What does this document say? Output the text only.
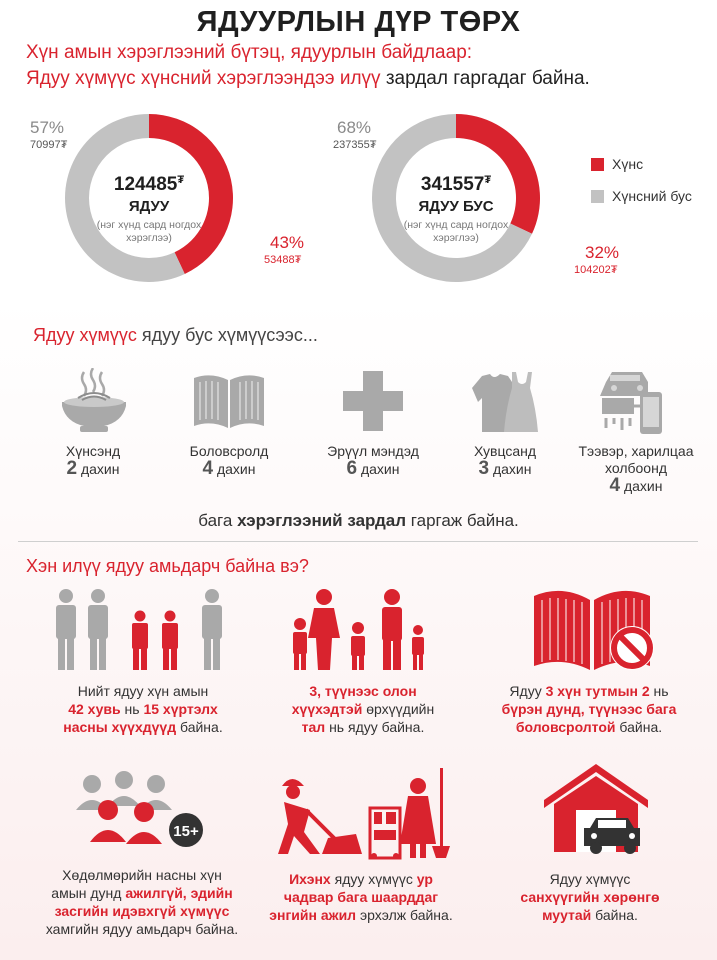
ЯДУУРЛЫН ДҮР ТӨРХ
Хүн амын хэрэглээний бүтэц, ядуурлын байдлаар:
Ядуу хүмүүс хүнсний хэрэглээндээ илүү зардал гаргадаг байна.
124485₮
ЯДУУ
(нэг хүнд сард ногдох
хэрэглээ)
57%
70997₮
43%
53488₮
341557₮
ЯДУУ БУС
(нэг хүнд сард ногдох
хэрэглээ)
68%
237355₮
32%
104202₮
Хүнс
Хүнсний бус
Ядуу хүмүүс ядуу бус хүмүүсээс...
Хүнсэнд
2 дахин
Боловсролд
4 дахин
Эрүүл мэндэд
6 дахин
Хувцсанд
3 дахин
Тээвэр, харилцаа
холбоонд
4 дахин
бага хэрэглээний зардал гаргаж байна.
Хэн илүү ядуу амьдарч байна вэ?
Нийт ядуу хүн амын
42 хувь нь 15 хүртэлх
насны хүүхдүүд байна.
3, түүнээс олон
хүүхэдтэй өрхүүдийн
тал нь ядуу байна.
Ядуу 3 хүн тутмын 2 нь
бүрэн дунд, түүнээс бага
боловсролтой байна.
15+
Хөдөлмөрийн насны хүн
амын дунд ажилгүй, эдийн
засгийн идэвхгүй хүмүүс
хамгийн ядуу амьдарч байна.
Ихэнх ядуу хүмүүс ур
чадвар бага шаарддаг
энгийн ажил эрхэлж байна.
Ядуу хүмүүс
санхүүгийн хөрөнгө
муутай байна.
